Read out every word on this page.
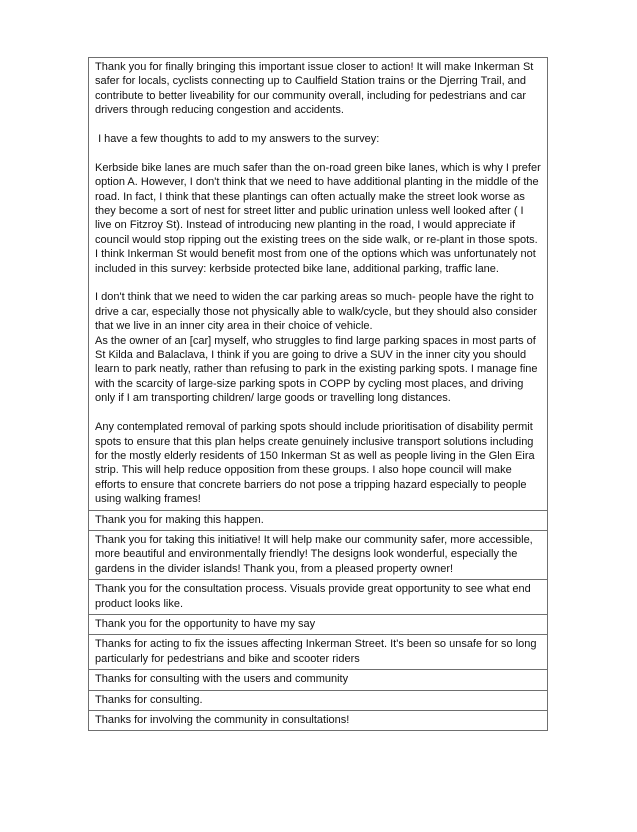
Thank you for finally bringing this important issue closer to action! It will make Inkerman St safer for locals, cyclists connecting up to Caulfield Station trains or the Djerring Trail, and contribute to better liveability for our community overall, including for pedestrians and car drivers through reducing congestion and accidents.

I have a few thoughts to add to my answers to the survey:

Kerbside bike lanes are much safer than the on-road green bike lanes, which is why I prefer option A. However, I don't think that we need to have additional planting in the middle of the road. In fact, I think that these plantings can often actually make the street look worse as they become a sort of nest for street litter and public urination unless well looked after ( I live on Fitzroy St). Instead of introducing new planting in the road, I would appreciate if council would stop ripping out the existing trees on the side walk, or re-plant in those spots. I think Inkerman St would benefit most from one of the options which was unfortunately not included in this survey: kerbside protected bike lane, additional parking, traffic lane.

I don't think that we need to widen the car parking areas so much- people have the right to drive a car, especially those not physically able to walk/cycle, but they should also consider that we live in an inner city area in their choice of vehicle.

As the owner of an [car] myself, who struggles to find large parking spaces in most parts of St Kilda and Balaclava, I think if you are going to drive a SUV in the inner city you should learn to park neatly, rather than refusing to park in the existing parking spots. I manage fine with the scarcity of large-size parking spots in COPP by cycling most places, and driving only if I am transporting children/ large goods or travelling long distances.

Any contemplated removal of parking spots should include prioritisation of disability permit spots to ensure that this plan helps create genuinely inclusive transport solutions including for the mostly elderly residents of 150 Inkerman St as well as people living in the Glen Eira strip. This will help reduce opposition from these groups. I also hope council will make efforts to ensure that concrete barriers do not pose a tripping hazard especially to people using walking frames!

Thank you for making this happen.

Thank you for taking this initiative! It will help make our community safer, more accessible, more beautiful and environmentally friendly! The designs look wonderful, especially the gardens in the divider islands! Thank you, from a pleased property owner!

Thank you for the consultation process. Visuals provide great opportunity to see what end product looks like.

Thank you for the opportunity to have my say

Thanks for acting to fix the issues affecting Inkerman Street. It's been so unsafe for so long particularly for pedestrians and bike and scooter riders

Thanks for consulting with the users and community

Thanks for consulting.

Thanks for involving the community in consultations!
